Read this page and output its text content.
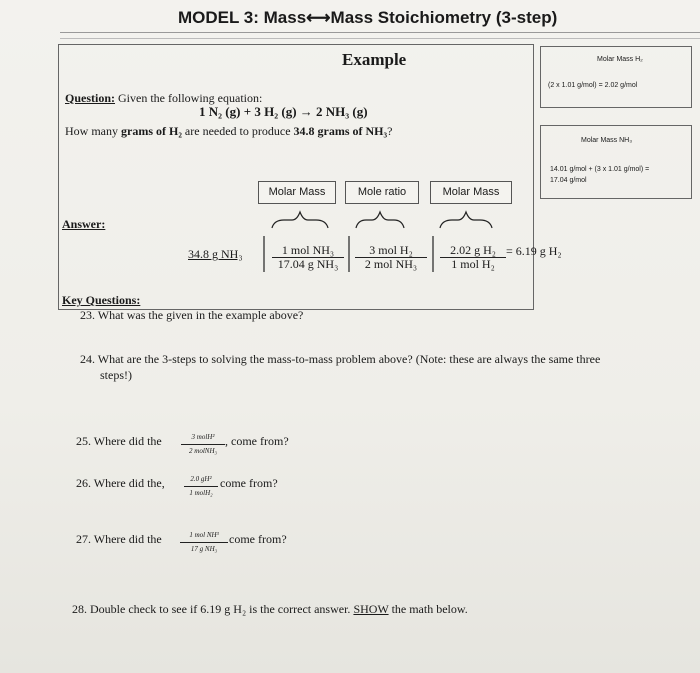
MODEL 3: Mass⟷Mass Stoichiometry (3-step)
Example
Question: Given the following equation:
1 N₂ (g) + 3 H₂ (g) → 2 NH₃ (g)
How many grams of H₂ are needed to produce 34.8 grams of NH₃?
Molar Mass H₂
(2 x 1.01 g/mol) = 2.02 g/mol
Molar Mass NH₃
14.01 g/mol + (3 x 1.01 g/mol) =
17.04 g/mol
Molar Mass	Mole ratio	Molar Mass
Answer:
34.8 g NH₃	1 mol NH₃
17.04 g NH₃
3 mol H₂
2 mol NH₃
2.02 g H₂
1 mol H₂
= 6.19 g H₂
Key Questions:
23. What was the given in the example above?
24. What are the 3-steps to solving the mass-to-mass problem above? (Note: these are always the same three
steps!)
25. Where did the	3 molH²
2 molNH₃
, come from?
26. Where did the,	2.0 gH²
1 molH₂
come from?
27. Where did the	1 mol NH³
17 g NH₃
come from?
28. Double check to see if 6.19 g H₂ is the correct answer. SHOW the math below.
